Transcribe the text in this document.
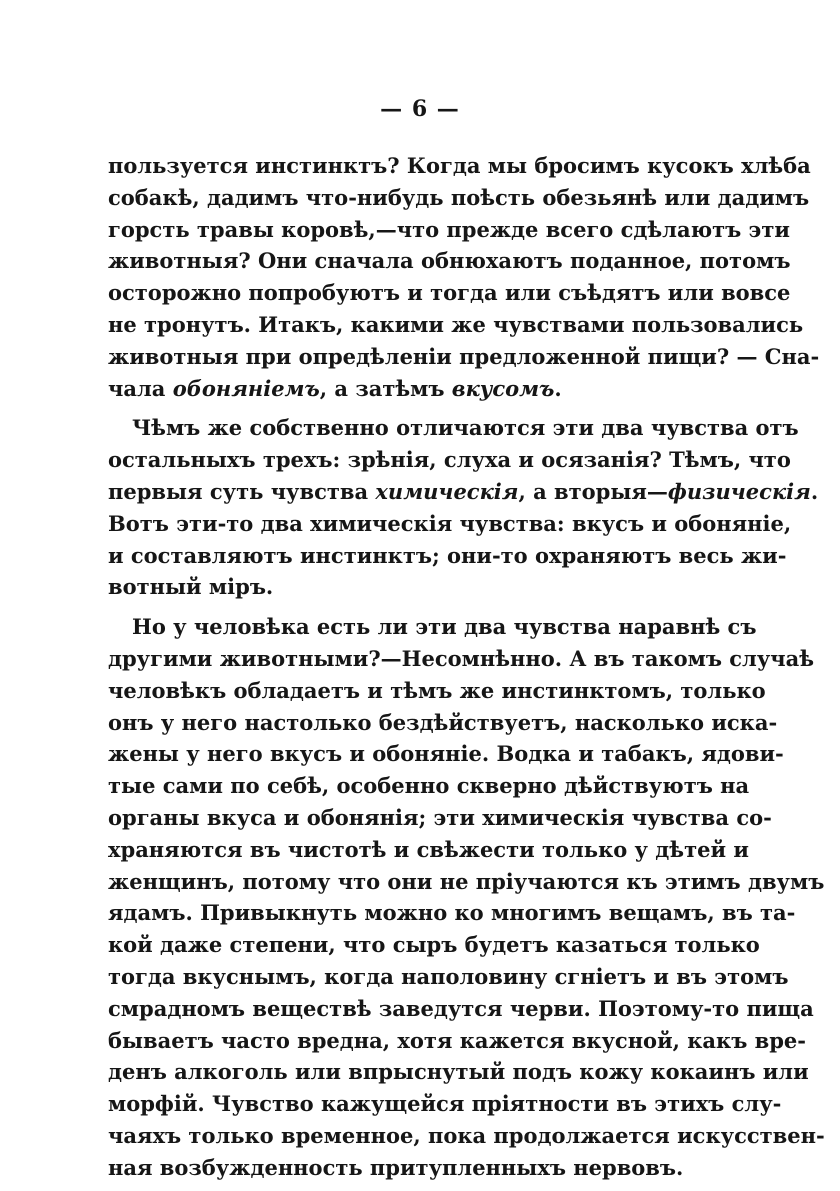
— 6 —
пользуется инстинктъ? Когда мы бросимъ кусокъ хлѣба
собакѣ, дадимъ что-нибудь поѣсть обезьянѣ или дадимъ
горсть травы коровѣ,—что прежде всего сдѣлаютъ эти
животныя? Они сначала обнюхаютъ поданное, потомъ
осторожно попробуютъ и тогда или съѣдятъ или вовсе
не тронутъ. Итакъ, какими же чувствами пользовались
животныя при опредѣленіи предложенной пищи? — Сна-
чала обоняніемъ, а затѣмъ вкусомъ.
Чѣмъ же собственно отличаются эти два чувства отъ
остальныхъ трехъ: зрѣнія, слуха и осязанія? Тѣмъ, что
первыя суть чувства химическія, а вторыя—физическія.
Вотъ эти-то два химическія чувства: вкусъ и обоняніе,
и составляютъ инстинктъ; они-то охраняютъ весь жи-
вотный міръ.
Но у человѣка есть ли эти два чувства наравнѣ съ
другими животными?—Несомнѣнно. А въ такомъ случаѣ
человѣкъ обладаетъ и тѣмъ же инстинктомъ, только
онъ у него настолько бездѣйствуетъ, насколько иска-
жены у него вкусъ и обоняніе. Водка и табакъ, ядови-
тые сами по себѣ, особенно скверно дѣйствуютъ на
органы вкуса и обонянія; эти химическія чувства со-
храняются въ чистотѣ и свѣжести только у дѣтей и
женщинъ, потому что они не пріучаются къ этимъ двумъ
ядамъ. Привыкнуть можно ко многимъ вещамъ, въ та-
кой даже степени, что сыръ будетъ казаться только
тогда вкуснымъ, когда наполовину сгніетъ и въ этомъ
смрадномъ веществѣ заведутся черви. Поэтому-то пища
бываетъ часто вредна, хотя кажется вкусной, какъ вре-
денъ алкоголь или впрыснутый подъ кожу кокаинъ или
морфій. Чувство кажущейся пріятности въ этихъ слу-
чаяхъ только временное, пока продолжается искусствен-
ная возбужденность притупленныхъ нервовъ.
